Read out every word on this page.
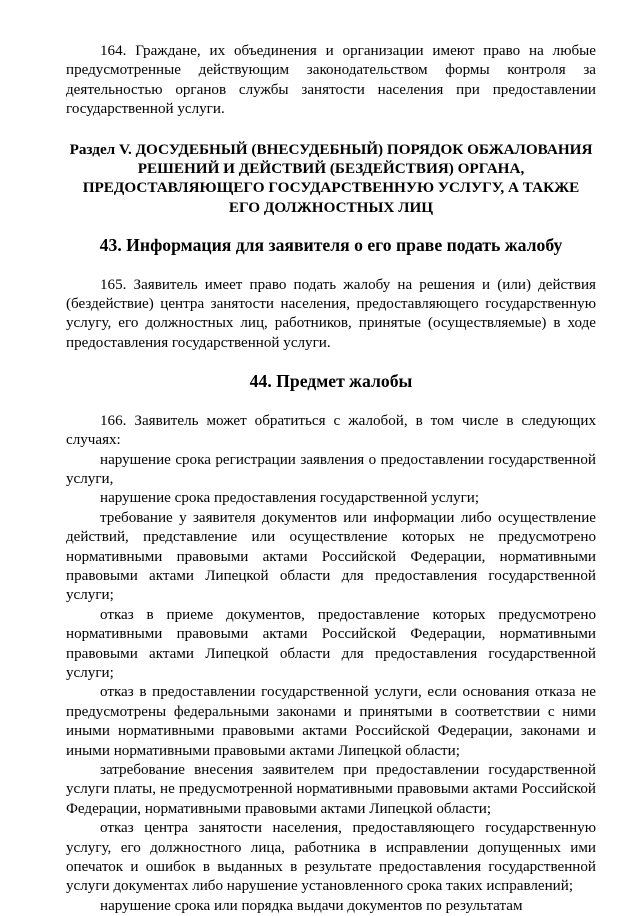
164. Граждане, их объединения и организации имеют право на любые предусмотренные действующим законодательством формы контроля за деятельностью органов службы занятости населения при предоставлении государственной услуги.

Раздел V. ДОСУДЕБНЫЙ (ВНЕСУДЕБНЫЙ) ПОРЯДОК ОБЖАЛОВАНИЯ РЕШЕНИЙ И ДЕЙСТВИЙ (БЕЗДЕЙСТВИЯ) ОРГАНА, ПРЕДОСТАВЛЯЮЩЕГО ГОСУДАРСТВЕННУЮ УСЛУГУ, А ТАКЖЕ ЕГО ДОЛЖНОСТНЫХ ЛИЦ
43. Информация для заявителя о его праве подать жалобу

165. Заявитель имеет право подать жалобу на решения и (или) действия (бездействие) центра занятости населения, предоставляющего государственную услугу, его должностных лиц, работников, принятые (осуществляемые) в ходе предоставления государственной услуги.

44. Предмет жалобы

166. Заявитель может обратиться с жалобой, в том числе в следующих случаях:

нарушение срока регистрации заявления о предоставлении государственной услуги,

нарушение срока предоставления государственной услуги;

требование у заявителя документов или информации либо осуществление действий, представление или осуществление которых не предусмотрено нормативными правовыми актами Российской Федерации, нормативными правовыми актами Липецкой области для предоставления государственной услуги;

отказ в приеме документов, предоставление которых предусмотрено нормативными правовыми актами Российской Федерации, нормативными правовыми актами Липецкой области для предоставления государственной услуги;

отказ в предоставлении государственной услуги, если основания отказа не предусмотрены федеральными законами и принятыми в соответствии с ними иными нормативными правовыми актами Российской Федерации, законами и иными нормативными правовыми актами Липецкой области;

затребование внесения заявителем при предоставлении государственной услуги платы, не предусмотренной нормативными правовыми актами Российской Федерации, нормативными правовыми актами Липецкой области;

отказ центра занятости населения, предоставляющего государственную услугу, его должностного лица, работника в исправлении допущенных ими опечаток и ошибок в выданных в результате предоставления государственной услуги документах либо нарушение установленного срока таких исправлений;

нарушение срока или порядка выдачи документов по результатам
